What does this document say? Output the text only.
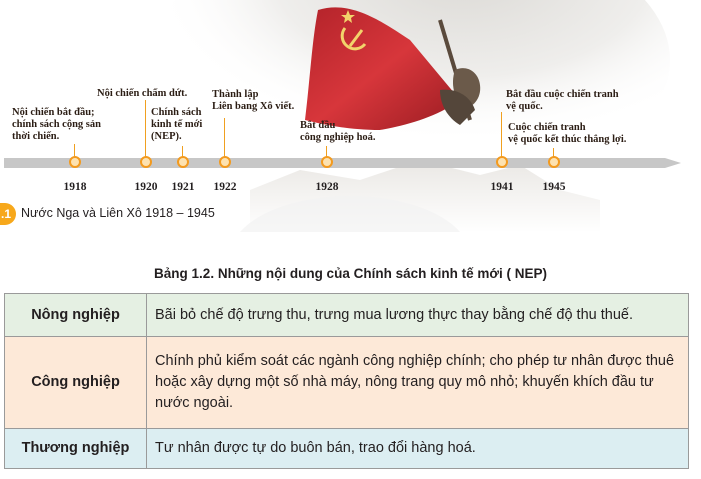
Nội chiến bắt đầu;
chính sách cộng sản
thời chiến.
Nội chiến chấm dứt.
Chính sách
kinh tế mới
(NEP).
Thành lập
Liên bang Xô viết.
Bắt đầu
công nghiệp hoá.
Bắt đầu cuộc chiến tranh
vệ quốc.
Cuộc chiến tranh
vệ quốc kết thúc thắng lợi.
1918	1920 1921 1922	1928	1941	1945
.1 Nước Nga và Liên Xô 1918 – 1945
Bảng 1.2. Những nội dung của Chính sách kinh tế mới ( NEP)
Nông nghiệp	Bãi bỏ chế độ trưng thu, trưng mua lương thực thay bằng chế độ thu thuế.
Công nghiệp	Chính phủ kiểm soát các ngành công nghiệp chính; cho phép tư nhân được thuê hoặc xây dựng một số nhà máy, nông trang quy mô nhỏ; khuyến khích đầu tư nước ngoài.
Thương nghiệp	Tư nhân được tự do buôn bán, trao đổi hàng hoá.
